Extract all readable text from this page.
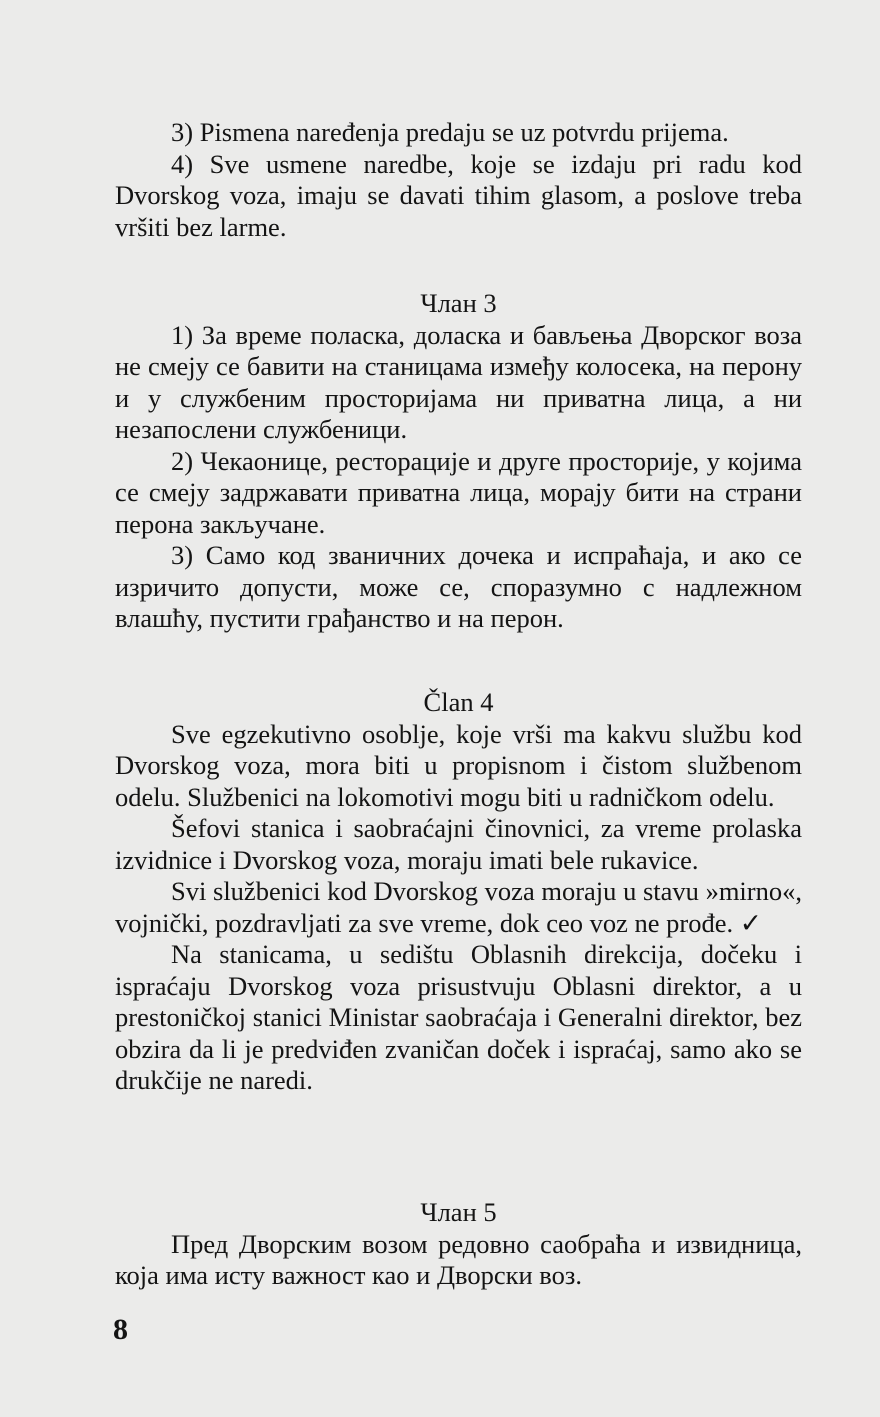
3) Pismena naređenja predaju se uz potvrdu prijema.

4) Sve usmene naredbe, koje se izdaju pri radu kod Dvorskog voza, imaju se davati tihim glasom, a poslove treba vršiti bez larme.

Члан 3

1) За време поласка, доласка и бављења Дворског воза не смеју се бавити на станицама између колосека, на перону и у службеним просторијама ни приватна лица, а ни незапослени службеници.

2) Чекаонице, ресторације и друге просторије, у којима се смеју задржавати приватна лица, морају бити на страни перона закључане.

3) Само код званичних дочека и испраћаја, и ако се изричито допусти, може се, споразумно с надлежном влашћу, пустити грађанство и на перон.

Član 4

Sve egzekutivno osoblje, koje vrši ma kakvu službu kod Dvorskog voza, mora biti u propisnom i čistom službenom odelu. Službenici na lokomotivi mogu biti u radničkom odelu.

Šefovi stanica i saobraćajni činovnici, za vreme prolaska izvidnice i Dvorskog voza, moraju imati bele rukavice.

Svi službenici kod Dvorskog voza moraju u stavu »mirno«, vojnički, pozdravljati za sve vreme, dok ceo voz ne prođe. ✓

Na stanicama, u sedištu Oblasnih direkcija, dočeku i ispraćaju Dvorskog voza prisustvuju Oblasni direktor, a u prestoničkoj stanici Ministar saobraćaja i Generalni direktor, bez obzira da li je predviđen zvaničan doček i ispraćaj, samo ako se drukčije ne naredi.

Члан 5

Пред Дворским возом редовно саобраћа и извидница, која има исту важност као и Дворски воз.

8
